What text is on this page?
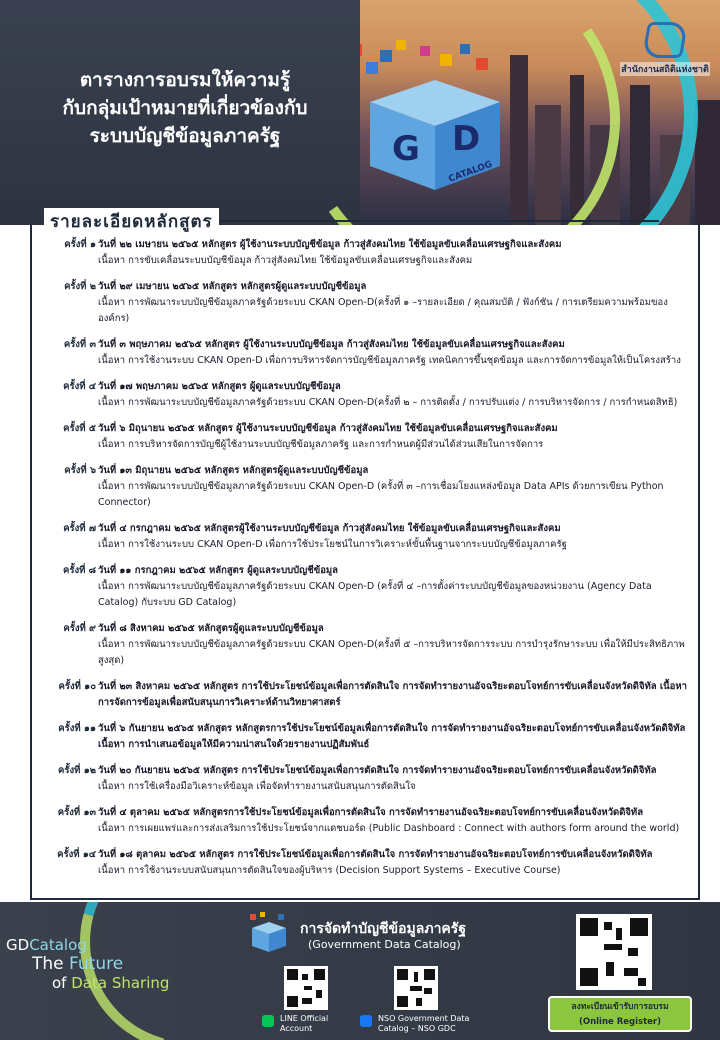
ตารางการอบรมให้ความรู้
กับกลุ่มเป้าหมายที่เกี่ยวข้องกับ
ระบบบัญชีข้อมูลภาครัฐ	G D
CATALOG
สำนักงานสถิติแห่งชาติ
รายละเอียดหลักสูตร
ครั้งที่ ๑ วันที่ ๒๒ เมษายน ๒๕๖๕ หลักสูตร ผู้ใช้งานระบบบัญชีข้อมูล ก้าวสู่สังคมไทย ใช้ข้อมูลขับเคลื่อนเศรษฐกิจและสังคม
เนื้อหา การขับเคลื่อนระบบบัญชีข้อมูล ก้าวสู่สังคมไทย ใช้ข้อมูลขับเคลื่อนเศรษฐกิจและสังคม
ครั้งที่ ๒ วันที่ ๒๙ เมษายน ๒๕๖๕ หลักสูตร หลักสูตรผู้ดูแลระบบบัญชีข้อมูล
เนื้อหา การพัฒนาระบบบัญชีข้อมูลภาครัฐด้วยระบบ CKAN Open-D(ครั้งที่ ๑ –รายละเอียด / คุณสมบัติ / ฟังก์ชัน / การเตรียมความพร้อมขององค์กร)
ครั้งที่ ๓ วันที่ ๓ พฤษภาคม ๒๕๖๕ หลักสูตร ผู้ใช้งานระบบบัญชีข้อมูล ก้าวสู่สังคมไทย ใช้ข้อมูลขับเคลื่อนเศรษฐกิจและสังคม
เนื้อหา การใช้งานระบบ CKAN Open-D เพื่อการบริหารจัดการบัญชีข้อมูลภาครัฐ เทคนิคการขึ้นชุดข้อมูล และการจัดการข้อมูลให้เป็นโครงสร้าง
ครั้งที่ ๔ วันที่ ๑๗ พฤษภาคม ๒๕๖๕ หลักสูตร ผู้ดูแลระบบบัญชีข้อมูล
เนื้อหา การพัฒนาระบบบัญชีข้อมูลภาครัฐด้วยระบบ CKAN Open-D(ครั้งที่ ๒ – การติดตั้ง / การปรับแต่ง / การบริหารจัดการ / การกำหนดสิทธิ)
ครั้งที่ ๕ วันที่ ๖ มิถุนายน ๒๕๖๕ หลักสูตร ผู้ใช้งานระบบบัญชีข้อมูล ก้าวสู่สังคมไทย ใช้ข้อมูลขับเคลื่อนเศรษฐกิจและสังคม
เนื้อหา การบริหารจัดการบัญชีผู้ใช้งานระบบบัญชีข้อมูลภาครัฐ และการกำหนดผู้มีส่วนได้ส่วนเสียในการจัดการ
ครั้งที่ ๖ วันที่ ๑๓ มิถุนายน ๒๕๖๕ หลักสูตร หลักสูตรผู้ดูแลระบบบัญชีข้อมูล
เนื้อหา การพัฒนาระบบบัญชีข้อมูลภาครัฐด้วยระบบ CKAN Open-D (ครั้งที่ ๓ –การเชื่อมโยงแหล่งข้อมูล Data APIs ด้วยการเขียน Python Connector)
ครั้งที่ ๗ วันที่ ๔ กรกฎาคม ๒๕๖๕ หลักสูตรผู้ใช้งานระบบบัญชีข้อมูล ก้าวสู่สังคมไทย ใช้ข้อมูลขับเคลื่อนเศรษฐกิจและสังคม
เนื้อหา การใช้งานระบบ CKAN Open-D เพื่อการใช้ประโยชน์ในการวิเคราะห์ขั้นพื้นฐานจากระบบบัญชีข้อมูลภาครัฐ
ครั้งที่ ๘ วันที่ ๑๑ กรกฎาคม ๒๕๖๕ หลักสูตร ผู้ดูแลระบบบัญชีข้อมูล
เนื้อหา การพัฒนาระบบบัญชีข้อมูลภาครัฐด้วยระบบ CKAN Open-D (ครั้งที่ ๔ –การตั้งค่าระบบบัญชีข้อมูลของหน่วยงาน (Agency Data Catalog) กับระบบ GD Catalog)
ครั้งที่ ๙ วันที่ ๘ สิงหาคม ๒๕๖๕ หลักสูตรผู้ดูแลระบบบัญชีข้อมูล
เนื้อหา การพัฒนาระบบบัญชีข้อมูลภาครัฐด้วยระบบ CKAN Open-D(ครั้งที่ ๕ –การบริหารจัดการระบบ การบำรุงรักษาระบบ เพื่อให้มีประสิทธิภาพสูงสุด)
ครั้งที่ ๑๐ วันที่ ๒๓ สิงหาคม ๒๕๖๕ หลักสูตร การใช้ประโยชน์ข้อมูลเพื่อการตัดสินใจ การจัดทำรายงานอัจฉริยะตอบโจทย์การขับเคลื่อนจังหวัดดิจิทัล เนื้อหา การจัดการข้อมูลเพื่อสนับสนุนการวิเคราะห์ด้านวิทยาศาสตร์
ครั้งที่ ๑๑ วันที่ ๖ กันยายน ๒๕๖๕ หลักสูตร หลักสูตรการใช้ประโยชน์ข้อมูลเพื่อการตัดสินใจ การจัดทำรายงานอัจฉริยะตอบโจทย์การขับเคลื่อนจังหวัดดิจิทัล เนื้อหา การนำเสนอข้อมูลให้มีความน่าสนใจด้วยรายงานปฏิสัมพันธ์
ครั้งที่ ๑๒ วันที่ ๒๐ กันยายน ๒๕๖๕ หลักสูตร การใช้ประโยชน์ข้อมูลเพื่อการตัดสินใจ การจัดทำรายงานอัจฉริยะตอบโจทย์การขับเคลื่อนจังหวัดดิจิทัล
เนื้อหา การใช้เครื่องมือวิเคราะห์ข้อมูล เพื่อจัดทำรายงานสนับสนุนการตัดสินใจ
ครั้งที่ ๑๓ วันที่ ๔ ตุลาคม ๒๕๖๕ หลักสูตรการใช้ประโยชน์ข้อมูลเพื่อการตัดสินใจ การจัดทำรายงานอัจฉริยะตอบโจทย์การขับเคลื่อนจังหวัดดิจิทัล
เนื้อหา การเผยแพร่และการส่งเสริมการใช้ประโยชน์จากแดชบอร์ด (Public Dashboard : Connect with authors form around the world)
ครั้งที่ ๑๔ วันที่ ๑๘ ตุลาคม ๒๕๖๕ หลักสูตร การใช้ประโยชน์ข้อมูลเพื่อการตัดสินใจ การจัดทำรายงานอัจฉริยะตอบโจทย์การขับเคลื่อนจังหวัดดิจิทัล
เนื้อหา การใช้งานระบบสนับสนุนการตัดสินใจของผู้บริหาร (Decision Support Systems – Executive Course)
GDCatalog
The Future
of Data Sharing
การจัดทำบัญชีข้อมูลภาครัฐ
(Government Data Catalog)
LINE Official Account
NSO Government Data Catalog – NSO GDC
ลงทะเบียนเข้ารับการอบรม
(Online Register)
